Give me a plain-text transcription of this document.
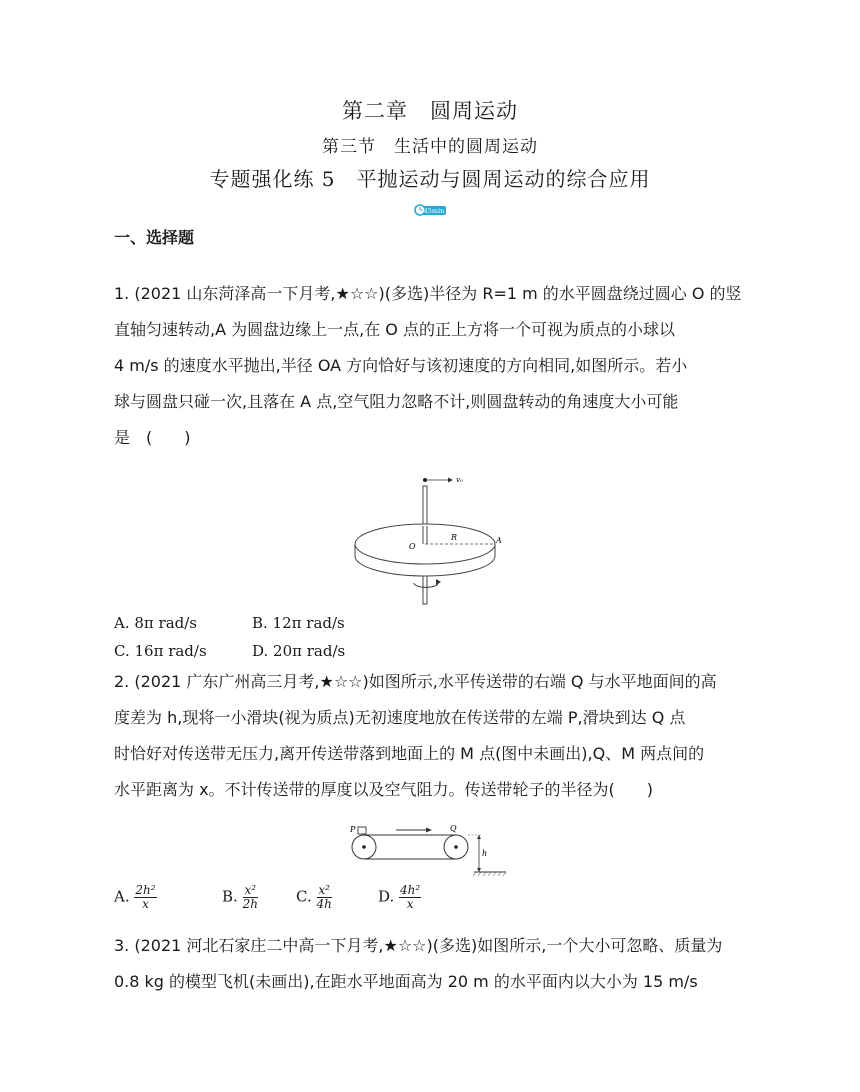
第二章　圆周运动
第三节　生活中的圆周运动
专题强化练 5　平抛运动与圆周运动的综合应用
45min
一、选择题
1. (2021 山东菏泽高一下月考,★☆☆)(多选)半径为 R=1 m 的水平圆盘绕过圆心 O 的竖
直轴匀速转动,A 为圆盘边缘上一点,在 O 点的正上方将一个可视为质点的小球以
4 m/s 的速度水平抛出,半径 OA 方向恰好与该初速度的方向相同,如图所示。若小
球与圆盘只碰一次,且落在 A 点,空气阻力忽略不计,则圆盘转动的角速度大小可能
是　(　　)
v₀
O
R	A
A. 8π rad/s	B. 12π rad/s
C. 16π rad/s	D. 20π rad/s
2. (2021 广东广州高三月考,★☆☆)如图所示,水平传送带的右端 Q 与水平地面间的高
度差为 h,现将一小滑块(视为质点)无初速度地放在传送带的左端 P,滑块到达 Q 点
时恰好对传送带无压力,离开传送带落到地面上的 M 点(图中未画出),Q、M 两点间的
水平距离为 x。不计传送带的厚度以及空气阻力。传送带轮子的半径为(　　)
P	Q
h
A. $\frac{\text{2h²}}{x}$	B. $\frac{\text{x²}}{2h}$	C. $\frac{\text{x²}}{4h}$	D. $\frac{\text{4h²}}{x}$
3. (2021 河北石家庄二中高一下月考,★☆☆)(多选)如图所示,一个大小可忽略、质量为
0.8 kg 的模型飞机(未画出),在距水平地面高为 20 m 的水平面内以大小为 15 m/s
